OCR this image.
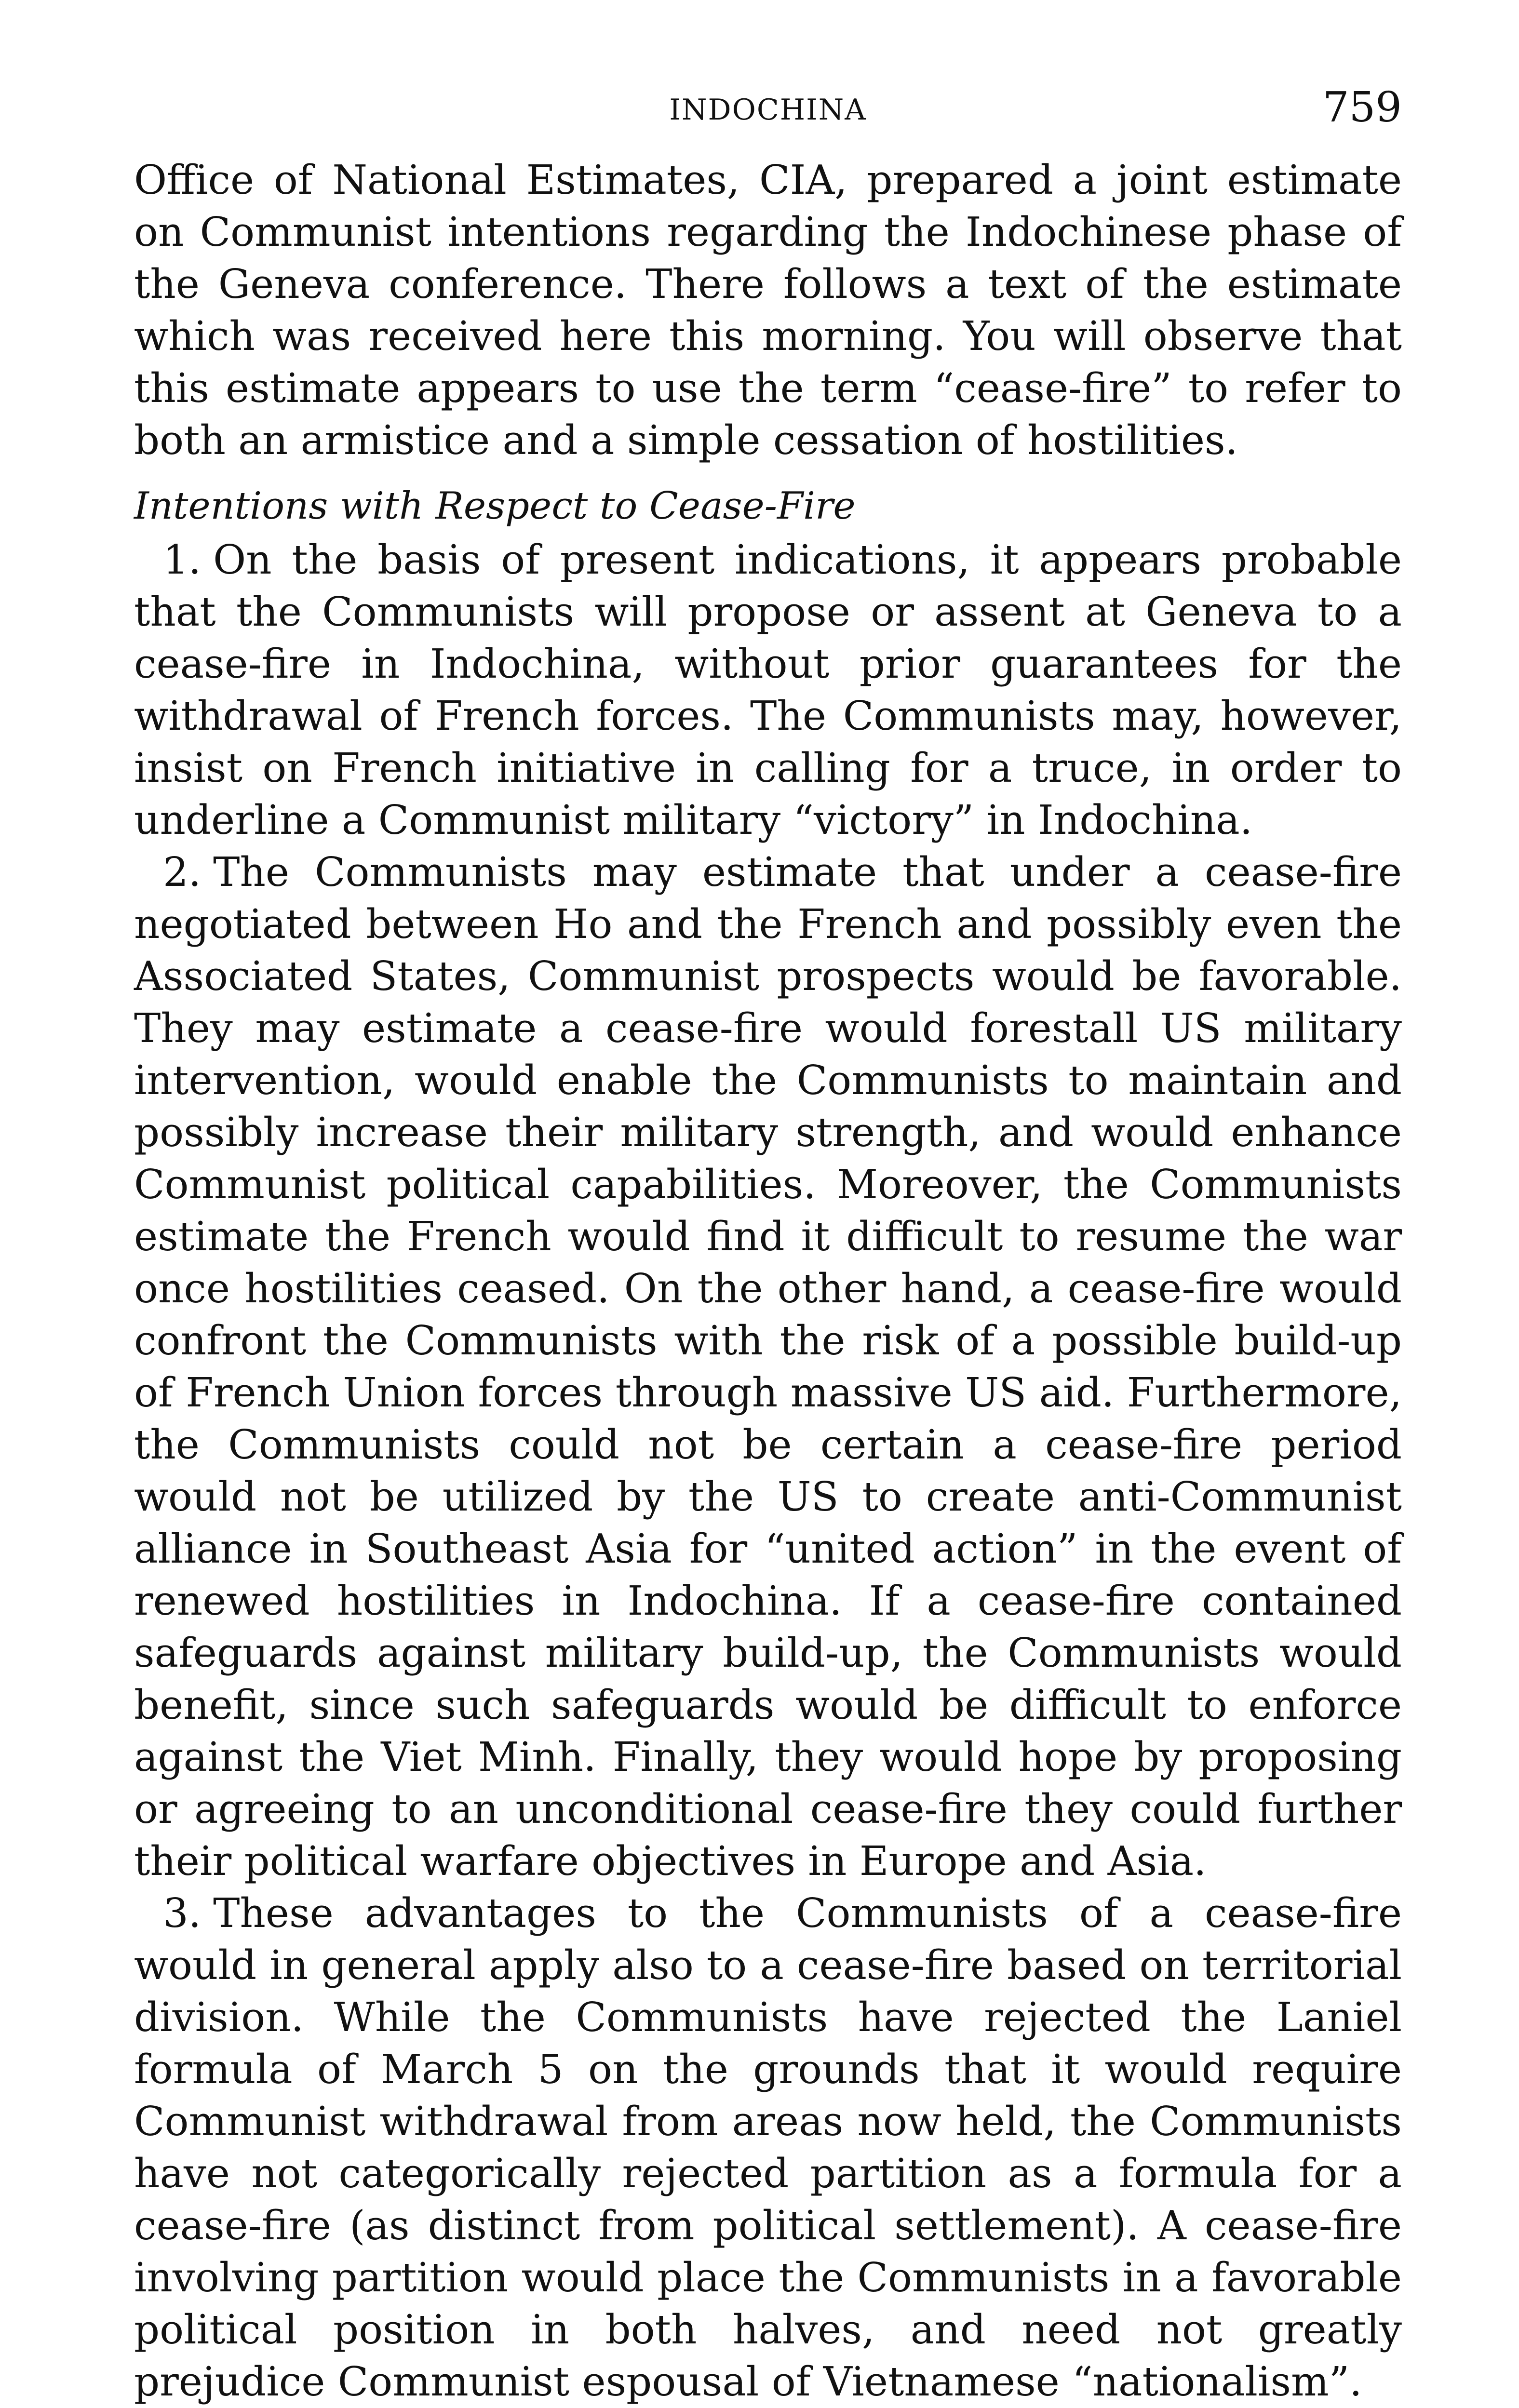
INDOCHINA	759

Office of National Estimates, CIA, prepared a joint estimate on Communist intentions regarding the Indochinese phase of the Geneva conference. There follows a text of the estimate which was received here this morning. You will observe that this estimate appears to use the term “cease-fire” to refer to both an armistice and a simple cessation of hostilities.

Intentions with Respect to Cease-Fire

1. On the basis of present indications, it appears probable that the Communists will propose or assent at Geneva to a cease-fire in Indochina, without prior guarantees for the withdrawal of French forces. The Communists may, however, insist on French initiative in calling for a truce, in order to underline a Communist military “victory” in Indochina.

2. The Communists may estimate that under a cease-fire negotiated between Ho and the French and possibly even the Associated States, Communist prospects would be favorable. They may estimate a cease-fire would forestall US military intervention, would enable the Communists to maintain and possibly increase their military strength, and would enhance Communist political capabilities. Moreover, the Communists estimate the French would find it difficult to resume the war once hostilities ceased. On the other hand, a cease-fire would confront the Communists with the risk of a possible build-up of French Union forces through massive US aid. Furthermore, the Communists could not be certain a cease-fire period would not be utilized by the US to create anti-Communist alliance in Southeast Asia for “united action” in the event of renewed hostilities in Indochina. If a cease-fire contained safeguards against military build-up, the Communists would benefit, since such safeguards would be difficult to enforce against the Viet Minh. Finally, they would hope by proposing or agreeing to an unconditional cease-fire they could further their political warfare objectives in Europe and Asia.

3. These advantages to the Communists of a cease-fire would in general apply also to a cease-fire based on territorial division. While the Communists have rejected the Laniel formula of March 5 on the grounds that it would require Communist withdrawal from areas now held, the Communists have not categorically rejected partition as a formula for a cease-fire (as distinct from political settlement). A cease-fire involving partition would place the Communists in a favorable political position in both halves, and need not greatly prejudice Communist espousal of Vietnamese “nationalism”.
